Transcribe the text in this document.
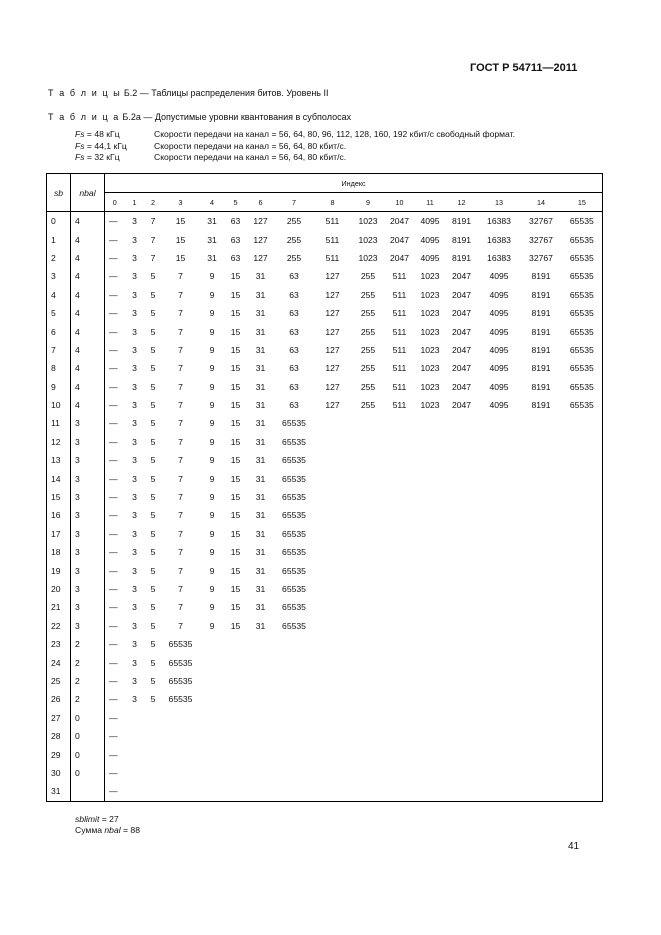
ГОСТ Р 54711—2011
Т а б л и ц ы Б.2 — Таблицы распределения битов. Уровень II
Т а б л и ц а Б.2a — Допустимые уровни квантования в субполосах
Fs = 48 кГц	Скорости передачи на канал = 56, 64, 80, 96, 112, 128, 160, 192 кбит/с свободный формат.
Fs = 44,1 кГц	Скорости передачи на канал = 56, 64, 80 кбит/с.
Fs = 32 кГц	Скорости передачи на канал = 56, 64, 80 кбит/с.
sb	nbal	Индекс															
		0	1	2	3	4	5	6	7	8	9	10	11	12	13	14	15
0	4	—	3	7	15	31	63	127	255	511	1023	2047	4095	8191	16383	32767	65535
1	4	—	3	7	15	31	63	127	255	511	1023	2047	4095	8191	16383	32767	65535
2	4	—	3	7	15	31	63	127	255	511	1023	2047	4095	8191	16383	32767	65535
3	4	—	3	5	7	9	15	31	63	127	255	511	1023	2047	4095	8191	65535
4	4	—	3	5	7	9	15	31	63	127	255	511	1023	2047	4095	8191	65535
5	4	—	3	5	7	9	15	31	63	127	255	511	1023	2047	4095	8191	65535
6	4	—	3	5	7	9	15	31	63	127	255	511	1023	2047	4095	8191	65535
7	4	—	3	5	7	9	15	31	63	127	255	511	1023	2047	4095	8191	65535
8	4	—	3	5	7	9	15	31	63	127	255	511	1023	2047	4095	8191	65535
9	4	—	3	5	7	9	15	31	63	127	255	511	1023	2047	4095	8191	65535
10	4	—	3	5	7	9	15	31	63	127	255	511	1023	2047	4095	8191	65535
11	3	—	3	5	7	9	15	31	65535								
12	3	—	3	5	7	9	15	31	65535								
13	3	—	3	5	7	9	15	31	65535								
14	3	—	3	5	7	9	15	31	65535								
15	3	—	3	5	7	9	15	31	65535								
16	3	—	3	5	7	9	15	31	65535								
17	3	—	3	5	7	9	15	31	65535								
18	3	—	3	5	7	9	15	31	65535								
19	3	—	3	5	7	9	15	31	65535								
20	3	—	3	5	7	9	15	31	65535								
21	3	—	3	5	7	9	15	31	65535								
22	3	—	3	5	7	9	15	31	65535								
23	2	—	3	5	65535												
24	2	—	3	5	65535												
25	2	—	3	5	65535												
26	2	—	3	5	65535												
27	0	—															
28	0	—															
29	0	—															
30	0	—															
31		—															
sblimit = 27
Сумма nbal = 88
41
